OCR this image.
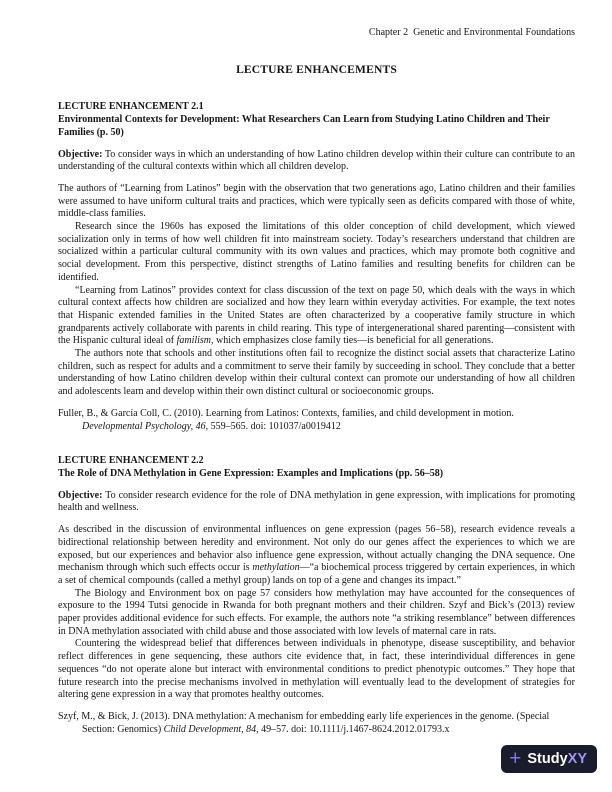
Chapter 2  Genetic and Environmental Foundations
LECTURE ENHANCEMENTS
LECTURE ENHANCEMENT 2.1
Environmental Contexts for Development: What Researchers Can Learn from Studying Latino Children and Their Families (p. 50)

Objective: To consider ways in which an understanding of how Latino children develop within their culture can contribute to an understanding of the cultural contexts within which all children develop.

The authors of “Learning from Latinos” begin with the observation that two generations ago, Latino children and their families were assumed to have uniform cultural traits and practices, which were typically seen as deficits compared with those of white, middle-class families.

Research since the 1960s has exposed the limitations of this older conception of child development, which viewed socialization only in terms of how well children fit into mainstream society. Today’s researchers understand that children are socialized within a particular cultural community with its own values and practices, which may promote both cognitive and social development. From this perspective, distinct strengths of Latino families and resulting benefits for children can be identified.

“Learning from Latinos” provides context for class discussion of the text on page 50, which deals with the ways in which cultural context affects how children are socialized and how they learn within everyday activities. For example, the text notes that Hispanic extended families in the United States are often characterized by a cooperative family structure in which grandparents actively collaborate with parents in child rearing. This type of intergenerational shared parenting—consistent with the Hispanic cultural ideal of familism, which emphasizes close family ties—is beneficial for all generations.

The authors note that schools and other institutions often fail to recognize the distinct social assets that characterize Latino children, such as respect for adults and a commitment to serve their family by succeeding in school. They conclude that a better understanding of how Latino children develop within their cultural context can promote our understanding of how all children and adolescents learn and develop within their own distinct cultural or socioeconomic groups.

Fuller, B., & García Coll, C. (2010). Learning from Latinos: Contexts, families, and child development in motion. Developmental Psychology, 46, 559–565. doi: 101037/a0019412

LECTURE ENHANCEMENT 2.2
The Role of DNA Methylation in Gene Expression: Examples and Implications (pp. 56–58)

Objective: To consider research evidence for the role of DNA methylation in gene expression, with implications for promoting health and wellness.

As described in the discussion of environmental influences on gene expression (pages 56–58), research evidence reveals a bidirectional relationship between heredity and environment. Not only do our genes affect the experiences to which we are exposed, but our experiences and behavior also influence gene expression, without actually changing the DNA sequence. One mechanism through which such effects occur is methylation—“a biochemical process triggered by certain experiences, in which a set of chemical compounds (called a methyl group) lands on top of a gene and changes its impact.”

The Biology and Environment box on page 57 considers how methylation may have accounted for the consequences of exposure to the 1994 Tutsi genocide in Rwanda for both pregnant mothers and their children. Szyf and Bick’s (2013) review paper provides additional evidence for such effects. For example, the authors note “a striking resemblance” between differences in DNA methylation associated with child abuse and those associated with low levels of maternal care in rats.

Countering the widespread belief that differences between individuals in phenotype, disease susceptibility, and behavior reflect differences in gene sequencing, these authors cite evidence that, in fact, these interindividual differences in gene sequences “do not operate alone but interact with environmental conditions to predict phenotypic outcomes.” They hope that future research into the precise mechanisms involved in methylation will eventually lead to the development of strategies for altering gene expression in a way that promotes healthy outcomes.

Szyf, M., & Bick, J. (2013). DNA methylation: A mechanism for embedding early life experiences in the genome. (Special Section: Genomics) Child Development, 84, 49–57. doi: 10.1111/j.1467-8624.2012.01793.x

+ Study XY
